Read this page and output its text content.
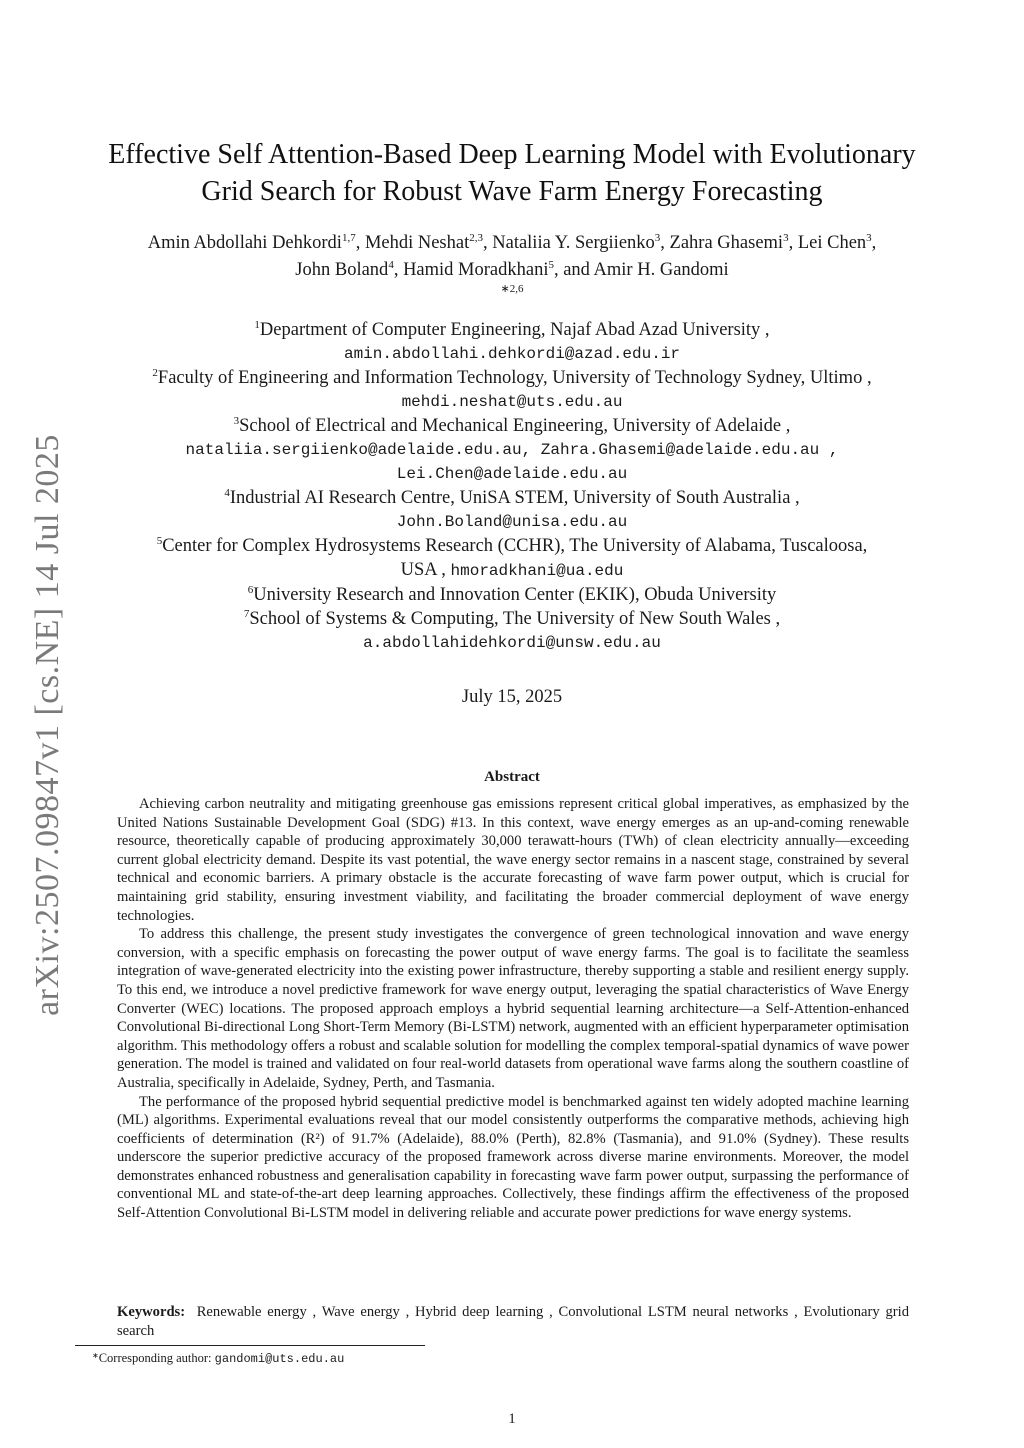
arXiv:2507.09847v1 [cs.NE] 14 Jul 2025
Effective Self Attention-Based Deep Learning Model with Evolutionary
Grid Search for Robust Wave Farm Energy Forecasting
Amin Abdollahi Dehkordi$^{1,7}$, Mehdi Neshat$^{2,3}$, Nataliia Y. Sergiienko$^3$, Zahra Ghasemi$^3$, Lei Chen$^3$,
John Boland$^4$, Hamid Moradkhani$^5$, and Amir H. Gandomi
∗2,6
$^1$Department of Computer Engineering, Najaf Abad Azad University ,
amin.abdollahi.dehkordi@azad.edu.ir
$^2$Faculty of Engineering and Information Technology, University of Technology Sydney, Ultimo ,
mehdi.neshat@uts.edu.au
$^3$School of Electrical and Mechanical Engineering, University of Adelaide ,
nataliia.sergiienko@adelaide.edu.au, Zahra.Ghasemi@adelaide.edu.au ,
Lei.Chen@adelaide.edu.au
$^4$Industrial AI Research Centre, UniSA STEM, University of South Australia ,
John.Boland@unisa.edu.au
$^5$Center for Complex Hydrosystems Research (CCHR), The University of Alabama, Tuscaloosa,
USA , hmoradkhani@ua.edu
$^6$University Research and Innovation Center (EKIK), Obuda University
$^7$School of Systems & Computing, The University of New South Wales ,
a.abdollahidehkordi@unsw.edu.au
July 15, 2025
Abstract

Achieving carbon neutrality and mitigating greenhouse gas emissions represent critical global imperatives, as emphasized by the United Nations Sustainable Development Goal (SDG) #13. In this context, wave energy emerges as an up-and-coming renewable resource, theoretically capable of producing approximately 30,000 terawatt-hours (TWh) of clean electricity annually—exceeding current global electricity demand. Despite its vast potential, the wave energy sector remains in a nascent stage, constrained by several technical and economic barriers. A primary obstacle is the accurate forecasting of wave farm power output, which is crucial for maintaining grid stability, ensuring investment viability, and facilitating the broader commercial deployment of wave energy technologies.

To address this challenge, the present study investigates the convergence of green technological innovation and wave energy conversion, with a specific emphasis on forecasting the power output of wave energy farms. The goal is to facilitate the seamless integration of wave-generated electricity into the existing power infrastructure, thereby supporting a stable and resilient energy supply. To this end, we introduce a novel predictive framework for wave energy output, leveraging the spatial characteristics of Wave Energy Converter (WEC) locations. The proposed approach employs a hybrid sequential learning architecture—a Self-Attention-enhanced Convolutional Bi-directional Long Short-Term Memory (Bi-LSTM) network, augmented with an efficient hyperparameter optimisation algorithm. This methodology offers a robust and scalable solution for modelling the complex temporal-spatial dynamics of wave power generation. The model is trained and validated on four real-world datasets from operational wave farms along the southern coastline of Australia, specifically in Adelaide, Sydney, Perth, and Tasmania.

The performance of the proposed hybrid sequential predictive model is benchmarked against ten widely adopted machine learning (ML) algorithms. Experimental evaluations reveal that our model consistently outperforms the comparative methods, achieving high coefficients of determination (R²) of 91.7% (Adelaide), 88.0% (Perth), 82.8% (Tasmania), and 91.0% (Sydney). These results underscore the superior predictive accuracy of the proposed framework across diverse marine environments. Moreover, the model demonstrates enhanced robustness and generalisation capability in forecasting wave farm power output, surpassing the performance of conventional ML and state-of-the-art deep learning approaches. Collectively, these findings affirm the effectiveness of the proposed Self-Attention Convolutional Bi-LSTM model in delivering reliable and accurate power predictions for wave energy systems.

Keywords: Renewable energy , Wave energy , Hybrid deep learning , Convolutional LSTM neural networks , Evolutionary grid search
∗Corresponding author: gandomi@uts.edu.au
1
